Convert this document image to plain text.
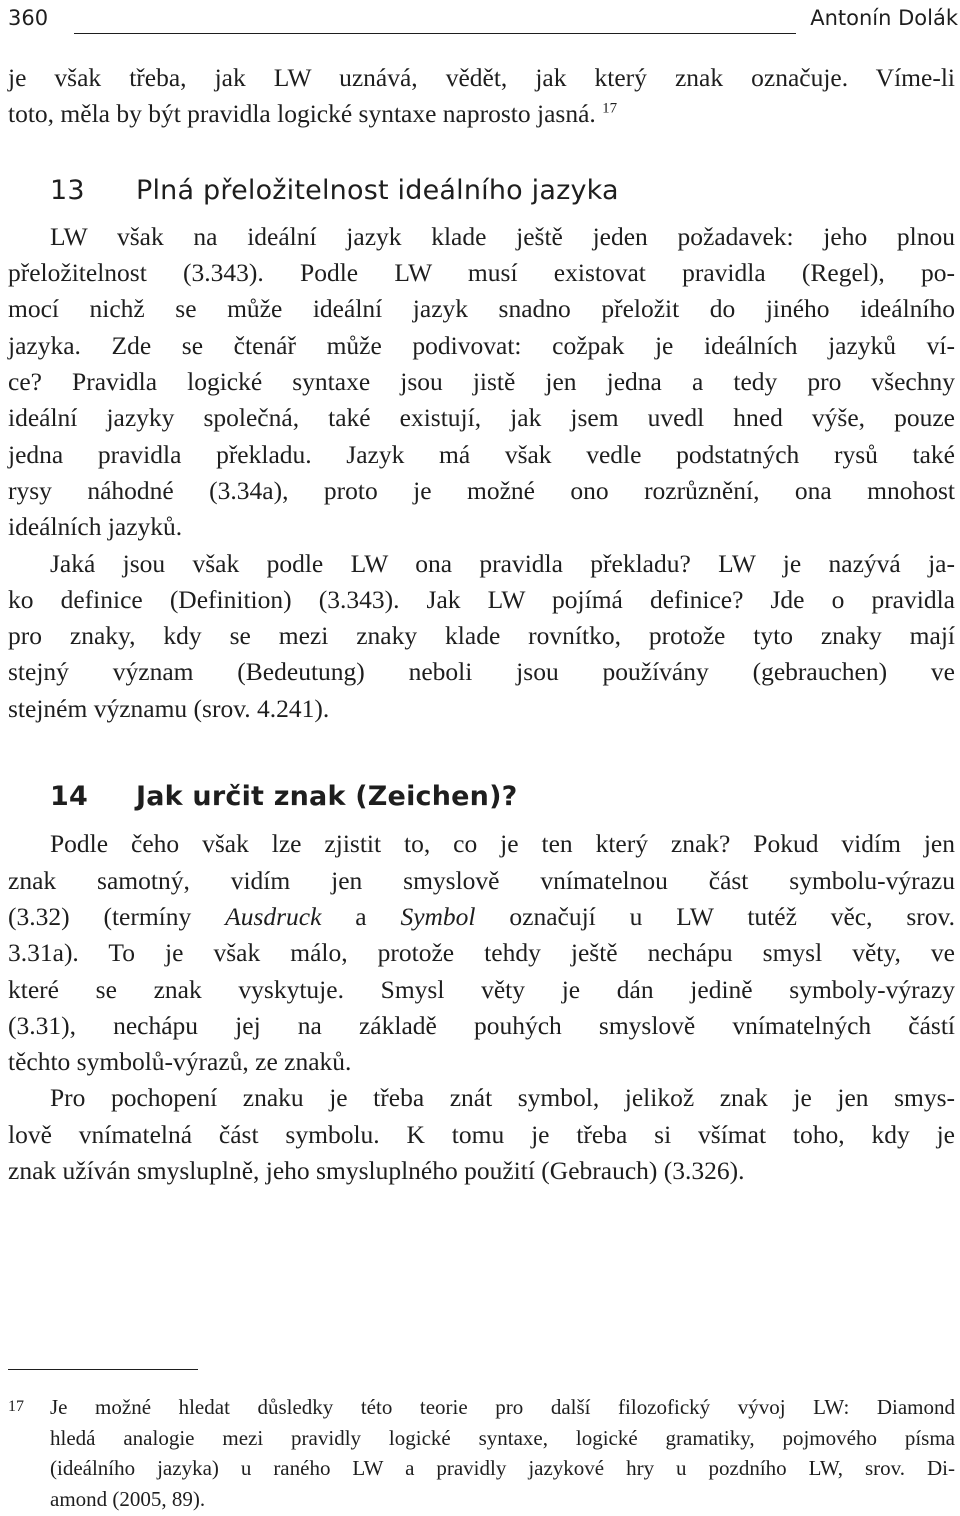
360	Antonín Dolák

je však třeba, jak LW uznává, vědět, jak který znak označuje. Víme-li

toto, měla by být pravidla logické syntaxe naprosto jasná. $^{17}$

13 Plná přeložitelnost ideálního jazyka

LW však na ideální jazyk klade ještě jeden požadavek: jeho plnou

přeložitelnost (3.343). Podle LW musí existovat pravidla (Regel), po-

mocí nichž se může ideální jazyk snadno přeložit do jiného ideálního

jazyka. Zde se čtenář může podivovat: cožpak je ideálních jazyků ví-

ce? Pravidla logické syntaxe jsou jistě jen jedna a tedy pro všechny

ideální jazyky společná, také existují, jak jsem uvedl hned výše, pouze

jedna pravidla překladu. Jazyk má však vedle podstatných rysů také

rysy náhodné (3.34a), proto je možné ono rozrůznění, ona mnohost

ideálních jazyků.

Jaká jsou však podle LW ona pravidla překladu? LW je nazývá ja-

ko definice (Definition) (3.343). Jak LW pojímá definice? Jde o pravidla

pro znaky, kdy se mezi znaky klade rovnítko, protože tyto znaky mají

stejný význam (Bedeutung) neboli jsou používány (gebrauchen) ve

stejném významu (srov. 4.241).

14 Jak určit znak (Zeichen)?

Podle čeho však lze zjistit to, co je ten který znak? Pokud vidím jen

znak samotný, vidím jen smyslově vnímatelnou část symbolu-výrazu

(3.32) (termíny Ausdruck a Symbol označují u LW tutéž věc, srov.

3.31a). To je však málo, protože tehdy ještě nechápu smysl věty, ve

které se znak vyskytuje. Smysl věty je dán jedině symboly-výrazy

(3.31), nechápu jej na základě pouhých smyslově vnímatelných částí

těchto symbolů-výrazů, ze znaků.

Pro pochopení znaku je třeba znát symbol, jelikož znak je jen smys-

lově vnímatelná část symbolu. K tomu je třeba si všímat toho, kdy je

znak užíván smysluplně, jeho smysluplného použití (Gebrauch) (3.326).

17 Je možné hledat důsledky této teorie pro další filozofický vývoj LW: Diamond

hledá analogie mezi pravidly logické syntaxe, logické gramatiky, pojmového písma

(ideálního jazyka) u raného LW a pravidly jazykové hry u pozdního LW, srov. Di-

amond (2005, 89).
